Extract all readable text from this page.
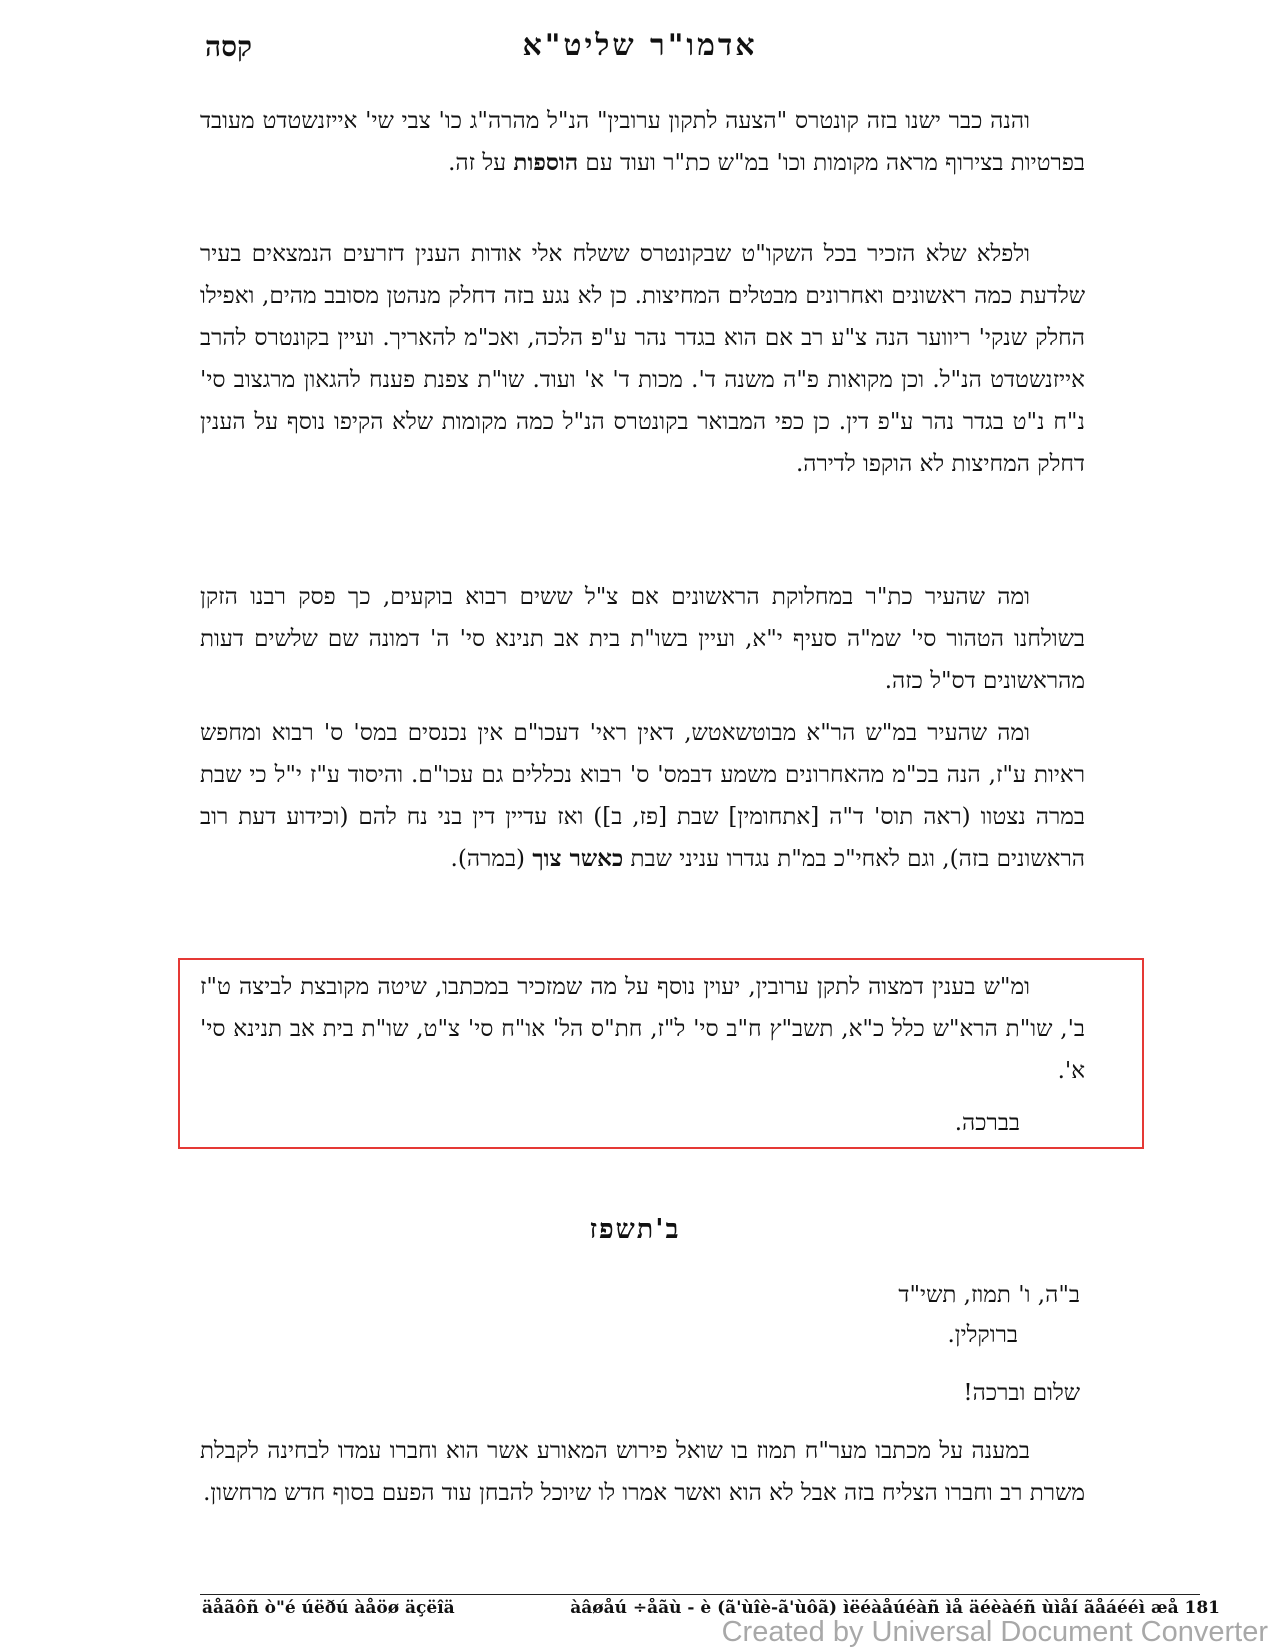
אדמו"ר שליט"א
קסה

והנה כבר ישנו בזה קונטרס "הצעה לתקון ערובין" הנ"ל מהרה"ג כו' צבי שי' אייזנשטדט מעובד בפרטיות בצירוף מראה מקומות וכו' במ"ש כת"ר ועוד עם הוספות על זה.

ולפלא שלא הזכיר בכל השקו"ט שבקונטרס ששלח אלי אודות הענין דזרעים הנמצאים בעיר שלדעת כמה ראשונים ואחרונים מבטלים המחיצות. כן לא נגע בזה דחלק מנהטן מסובב מהים, ואפילו החלק שנקי' ריווער הנה צ"ע רב אם הוא בגדר נהר ע"פ הלכה, ואכ"מ להאריך. ועיין בקונטרס להרב אייזנשטדט הנ"ל. וכן מקואות פ"ה משנה ד'. מכות ד' א' ועוד. שו"ת צפנת פענח להגאון מרגצוב סי' נ"ח נ"ט בגדר נהר ע"פ דין. כן כפי המבואר בקונטרס הנ"ל כמה מקומות שלא הקיפו נוסף על הענין דחלק המחיצות לא הוקפו לדירה.

ומה שהעיר כת"ר במחלוקת הראשונים אם צ"ל ששים רבוא בוקעים, כך פסק רבנו הזקן בשולחנו הטהור סי' שמ"ה סעיף י"א, ועיין בשו"ת בית אב תנינא סי' ה' דמונה שם שלשים דעות מהראשונים דס"ל כזה.

ומה שהעיר במ"ש הר"א מבוטשאטש, דאין ראי' דעכו"ם אין נכנסים במס' ס' רבוא ומחפש ראיות ע"ז, הנה בכ"מ מהאחרונים משמע דבמס' ס' רבוא נכללים גם עכו"ם. והיסוד ע"ז י"ל כי שבת במרה נצטוו (ראה תוס' ד"ה [אתחומין] שבת [פז, ב]) ואז עדיין דין בני נח להם (וכידוע דעת רוב הראשונים בזה), וגם לאחי"כ במ"ת נגדרו עניני שבת כאשר צוך (במרה).

ומ"ש בענין דמצוה לתקן ערובין, יעוין נוסף על מה שמזכיר במכתבו, שיטה מקובצת לביצה ט"ז ב', שו"ת הרא"ש כלל כ"א, תשב"ץ ח"ב סי' ל"ז, חת"ס הל' או"ח סי' צ"ט, שו"ת בית אב תנינא סי' א'.

בברכה.
ב'תשפז
ב"ה, ו' תמוז, תשי"ד
ברוקלין.
שלום וברכה!

במענה על מכתבו מער"ח תמוז בו שואל פירוש המאורע אשר הוא וחברו עמדו לבחינה לקבלת משרת רב וחברו הצליח בזה אבל לא הוא ואשר אמרו לו שיוכל להבחן עוד הפעם בסוף חדש מרחשון.

äåãôñ ò"é úëðú àåöø äçëîä	àâøåú ÷åãù - è (ã'ùîè-ã'ùôã) ìëéàåúéàñ ìå äéèàéñ ùìåí ãåáééì æå 181
Created by Universal Document Converter
